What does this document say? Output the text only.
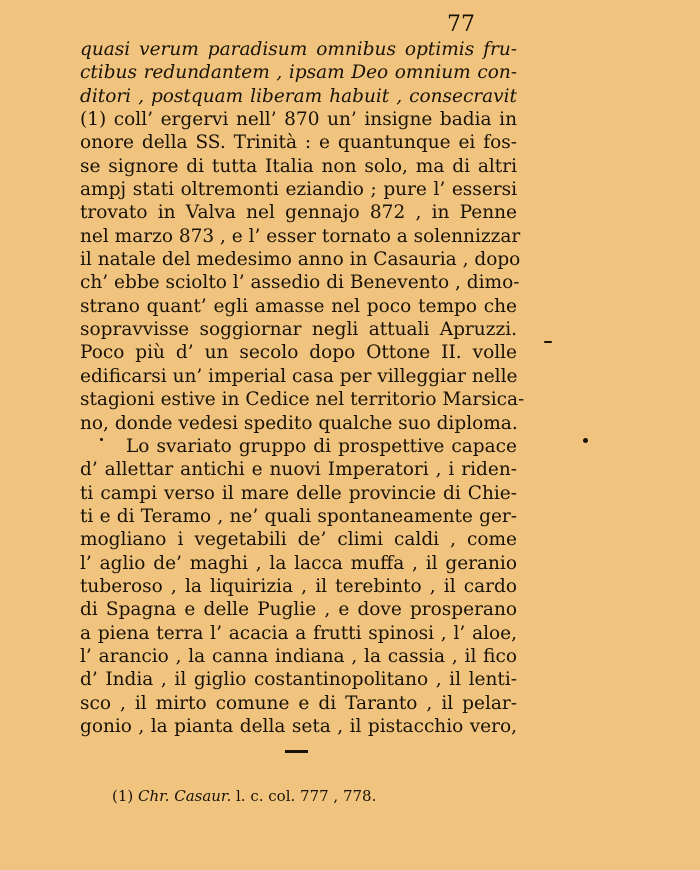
77
quasi verum paradisum omnibus optimis fru-
ctibus redundantem , ipsam Deo omnium con-
ditori , postquam liberam habuit , consecravit
(1) coll’ ergervi nell’ 870 un’ insigne badia in
onore della SS. Trinità : e quantunque ei fos-
se signore di tutta Italia non solo, ma di altri
ampj stati oltremonti eziandio ; pure l’ essersi
trovato in Valva nel gennajo 872 , in Penne
nel marzo 873 , e l’ esser tornato a solennizzar
il natale del medesimo anno in Casauria , dopo
ch’ ebbe sciolto l’ assedio di Benevento , dimo-
strano quant’ egli amasse nel poco tempo che
sopravvisse soggiornar negli attuali Apruzzi.
Poco più d’ un secolo dopo Ottone II. volle
edificarsi un’ imperial casa per villeggiar nelle
stagioni estive in Cedice nel territorio Marsica-
no, donde vedesi spedito qualche suo diploma.
Lo svariato gruppo di prospettive capace
d’ allettar antichi e nuovi Imperatori , i riden-
ti campi verso il mare delle provincie di Chie-
ti e di Teramo , ne’ quali spontaneamente ger-
mogliano i vegetabili de’ climi caldi , come
l’ aglio de’ maghi , la lacca muffa , il geranio
tuberoso , la liquirizia , il terebinto , il cardo
di Spagna e delle Puglie , e dove prosperano
a piena terra l’ acacia a frutti spinosi , l’ aloe,
l’ arancio , la canna indiana , la cassia , il fico
d’ India , il giglio costantinopolitano , il lenti-
sco , il mirto comune e di Taranto , il pelar-
gonio , la pianta della seta , il pistacchio vero,
(1) Chr. Casaur. l. c. col. 777 , 778.
